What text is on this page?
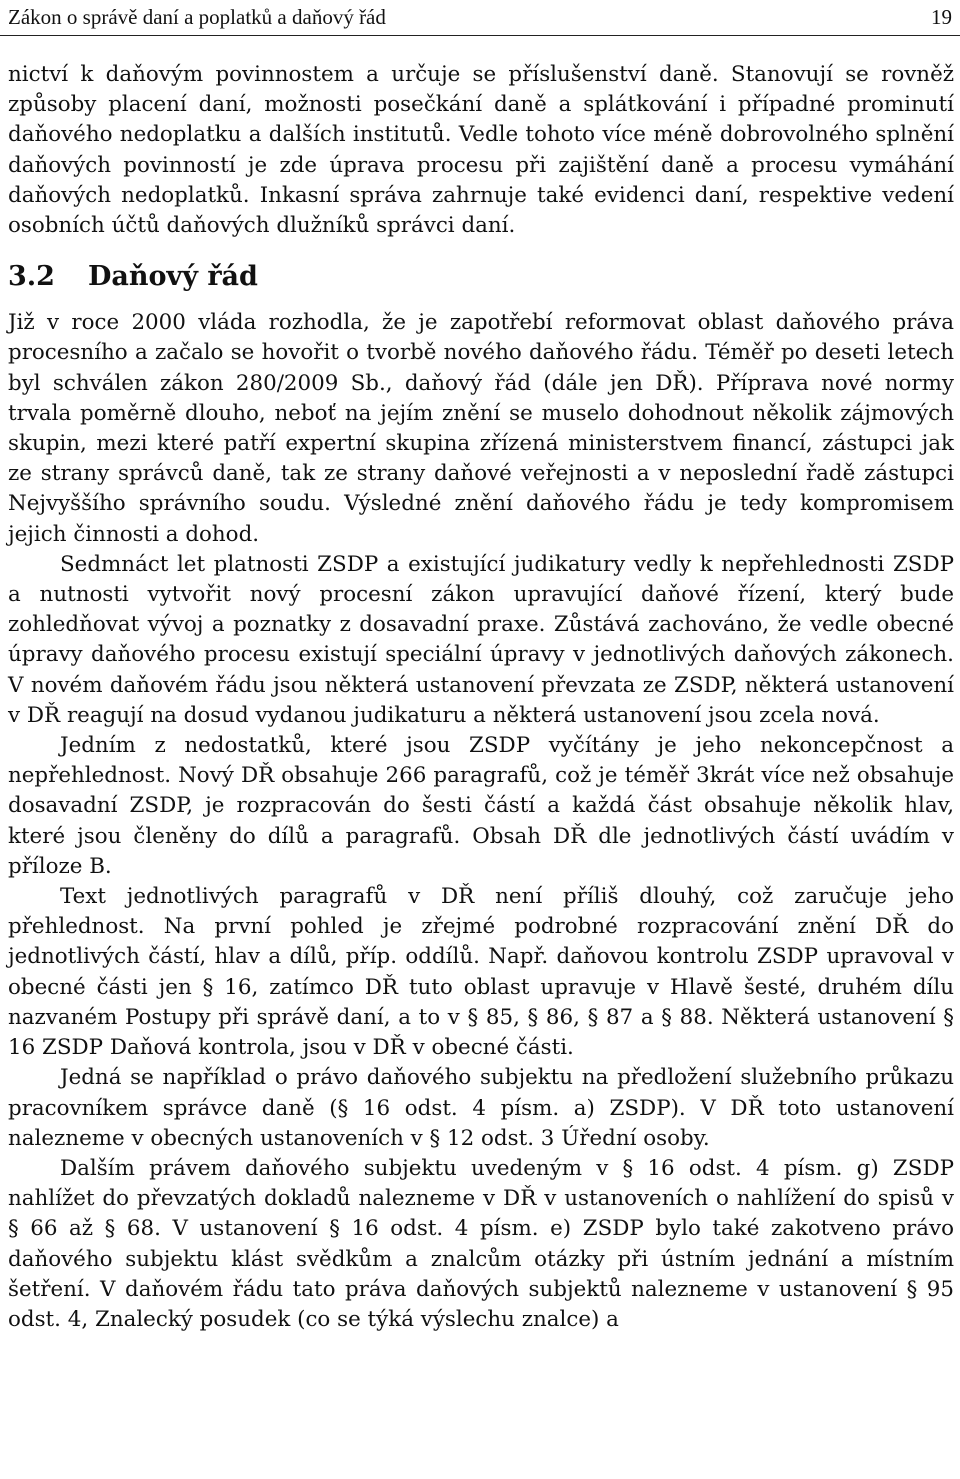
Zákon o správě daní a poplatků a daňový řád	19

nictví k daňovým povinnostem a určuje se příslušenství daně. Stanovují se rovněž způsoby placení daní, možnosti posečkání daně a splátkování i případné prominutí daňového nedoplatku a dalších institutů. Vedle tohoto více méně dobrovolného splnění daňových povinností je zde úprava procesu při zajištění daně a procesu vymáhání daňových nedoplatků. Inkasní správa zahrnuje také evidenci daní, respektive vedení osobních účtů daňových dlužníků správci daní.

3.2 Daňový řád

Již v roce 2000 vláda rozhodla, že je zapotřebí reformovat oblast daňového práva procesního a začalo se hovořit o tvorbě nového daňového řádu. Téměř po deseti letech byl schválen zákon 280/2009 Sb., daňový řád (dále jen DŘ). Příprava nové normy trvala poměrně dlouho, neboť na jejím znění se muselo dohodnout několik zájmových skupin, mezi které patří expertní skupina zřízená ministerstvem financí, zástupci jak ze strany správců daně, tak ze strany daňové veřejnosti a v neposlední řadě zástupci Nejvyššího správního soudu. Výsledné znění daňového řádu je tedy kompromisem jejich činnosti a dohod.

Sedmnáct let platnosti ZSDP a existující judikatury vedly k nepřehlednosti ZSDP a nutnosti vytvořit nový procesní zákon upravující daňové řízení, který bude zohledňovat vývoj a poznatky z dosavadní praxe. Zůstává zachováno, že vedle obecné úpravy daňového procesu existují speciální úpravy v jednotlivých daňových zákonech. V novém daňovém řádu jsou některá ustanovení převzata ze ZSDP, některá ustanovení v DŘ reagují na dosud vydanou judikaturu a některá ustanovení jsou zcela nová.

Jedním z nedostatků, které jsou ZSDP vyčítány je jeho nekoncepčnost a nepřehlednost. Nový DŘ obsahuje 266 paragrafů, což je téměř 3krát více než obsahuje dosavadní ZSDP, je rozpracován do šesti částí a každá část obsahuje několik hlav, které jsou členěny do dílů a paragrafů. Obsah DŘ dle jednotlivých částí uvádím v příloze B.

Text jednotlivých paragrafů v DŘ není příliš dlouhý, což zaručuje jeho přehlednost. Na první pohled je zřejmé podrobné rozpracování znění DŘ do jednotlivých částí, hlav a dílů, příp. oddílů. Např. daňovou kontrolu ZSDP upravoval v obecné části jen § 16, zatímco DŘ tuto oblast upravuje v Hlavě šesté, druhém dílu nazvaném Postupy při správě daní, a to v § 85, § 86, § 87 a § 88. Některá ustanovení § 16 ZSDP Daňová kontrola, jsou v DŘ v obecné části.

Jedná se například o právo daňového subjektu na předložení služebního průkazu pracovníkem správce daně (§ 16 odst. 4 písm. a) ZSDP). V DŘ toto ustanovení nalezneme v obecných ustanoveních v § 12 odst. 3 Úřední osoby.

Dalším právem daňového subjektu uvedeným v § 16 odst. 4 písm. g) ZSDP nahlížet do převzatých dokladů nalezneme v DŘ v ustanoveních o nahlížení do spisů v § 66 až § 68. V ustanovení § 16 odst. 4 písm. e) ZSDP bylo také zakotveno právo daňového subjektu klást svědkům a znalcům otázky při ústním jednání a místním šetření. V daňovém řádu tato práva daňových subjektů nalezneme v ustanovení § 95 odst. 4, Znalecký posudek (co se týká výslechu znalce) a
